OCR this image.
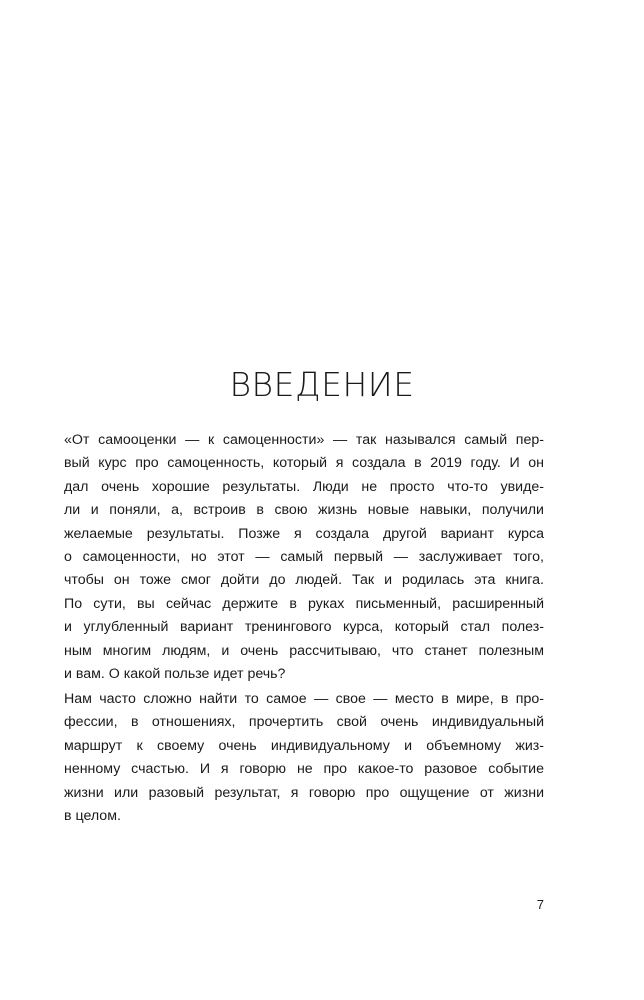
ВВЕДЕНИЕ
«От самооценки — к самоценности» — так назывался самый пер-
вый курс про самоценность, который я создала в 2019 году. И он
дал очень хорошие результаты. Люди не просто что-то увиде-
ли и поняли, а, встроив в свою жизнь новые навыки, получили
желаемые результаты. Позже я создала другой вариант курса
о самоценности, но этот — самый первый — заслуживает того,
чтобы он тоже смог дойти до людей. Так и родилась эта книга.
По сути, вы сейчас держите в руках письменный, расширенный
и углубленный вариант тренингового курса, который стал полез-
ным многим людям, и очень рассчитываю, что станет полезным
и вам. О какой пользе идет речь?
Нам часто сложно найти то самое — свое — место в мире, в про-
фессии, в отношениях, прочертить свой очень индивидуальный
маршрут к своему очень индивидуальному и объемному жиз-
ненному счастью. И я говорю не про какое-то разовое событие
жизни или разовый результат, я говорю про ощущение от жизни
в целом.
7
